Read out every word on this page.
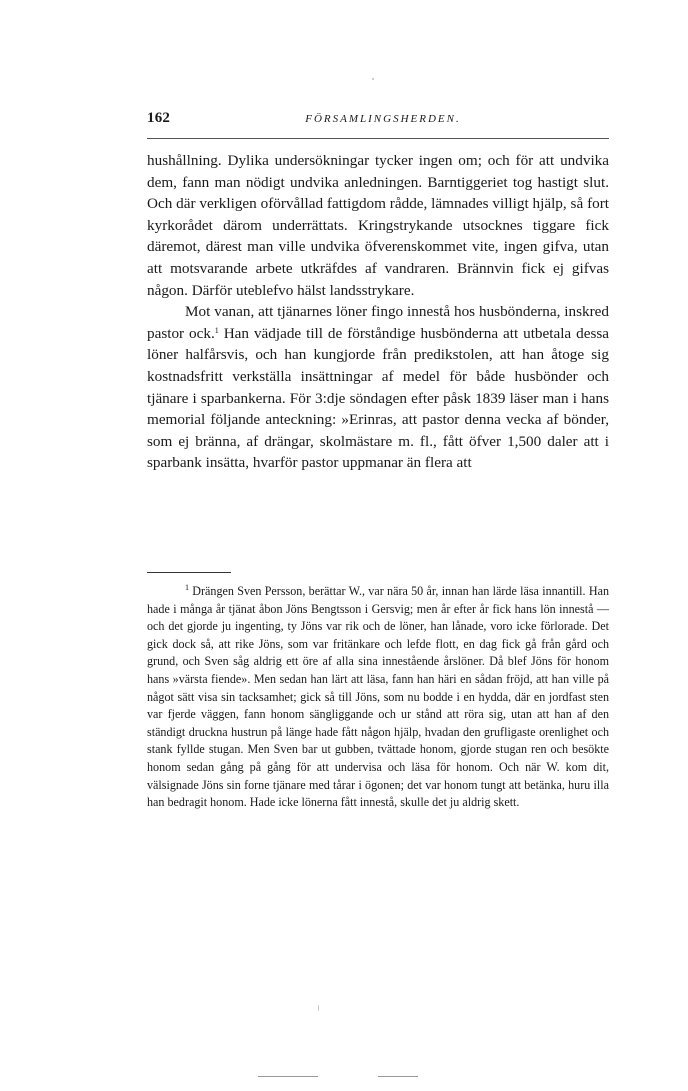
162	FÖRSAMLINGSHERDEN.

hushållning. Dylika undersökningar tycker ingen om; och för att undvika dem, fann man nödigt undvika anledningen. Barntiggeriet tog hastigt slut. Och där verkligen oförvållad fattigdom rådde, lämnades villigt hjälp, så fort kyrkorådet därom underrättats. Kringstrykande utsocknes tiggare fick däremot, därest man ville undvika öfverenskommet vite, ingen gifva, utan att motsvarande arbete utkräfdes af vandraren. Brännvin fick ej gifvas någon. Därför uteblefvo hälst landsstrykare.

Mot vanan, att tjänarnes löner fingo innestå hos husbönderna, inskred pastor ock.$^1$ Han vädjade till de förståndige husbönderna att utbetala dessa löner halfårsvis, och han kungjorde från predikstolen, att han åtoge sig kostnadsfritt verkställa insättningar af medel för både husbönder och tjänare i sparbankerna. För 3:dje söndagen efter påsk 1839 läser man i hans memorial följande anteckning: »Erinras, att pastor denna vecka af bönder, som ej bränna, af drängar, skolmästare m. fl., fått öfver 1,500 daler att i sparbank insätta, hvarför pastor uppmanar än flera att

$^1$ Drängen Sven Persson, berättar W., var nära 50 år, innan han lärde läsa innantill. Han hade i många år tjänat åbon Jöns Bengtsson i Gersvig; men år efter år fick hans lön innestå — och det gjorde ju ingenting, ty Jöns var rik och de löner, han lånade, voro icke förlorade. Det gick dock så, att rike Jöns, som var fritänkare och lefde flott, en dag fick gå från gård och grund, och Sven såg aldrig ett öre af alla sina innestående årslöner. Då blef Jöns för honom hans »värsta fiende». Men sedan han lärt att läsa, fann han häri en sådan fröjd, att han ville på något sätt visa sin tacksamhet; gick så till Jöns, som nu bodde i en hydda, där en jordfast sten var fjerde väggen, fann honom sängliggande och ur stånd att röra sig, utan att han af den ständigt druckna hustrun på länge hade fått någon hjälp, hvadan den grufligaste orenlighet och stank fyllde stugan. Men Sven bar ut gubben, tvättade honom, gjorde stugan ren och besökte honom sedan gång på gång för att undervisa och läsa för honom. Och när W. kom dit, välsignade Jöns sin forne tjänare med tårar i ögonen; det var honom tungt att betänka, huru illa han bedragit honom. Hade icke lönerna fått innestå, skulle det ju aldrig skett.
